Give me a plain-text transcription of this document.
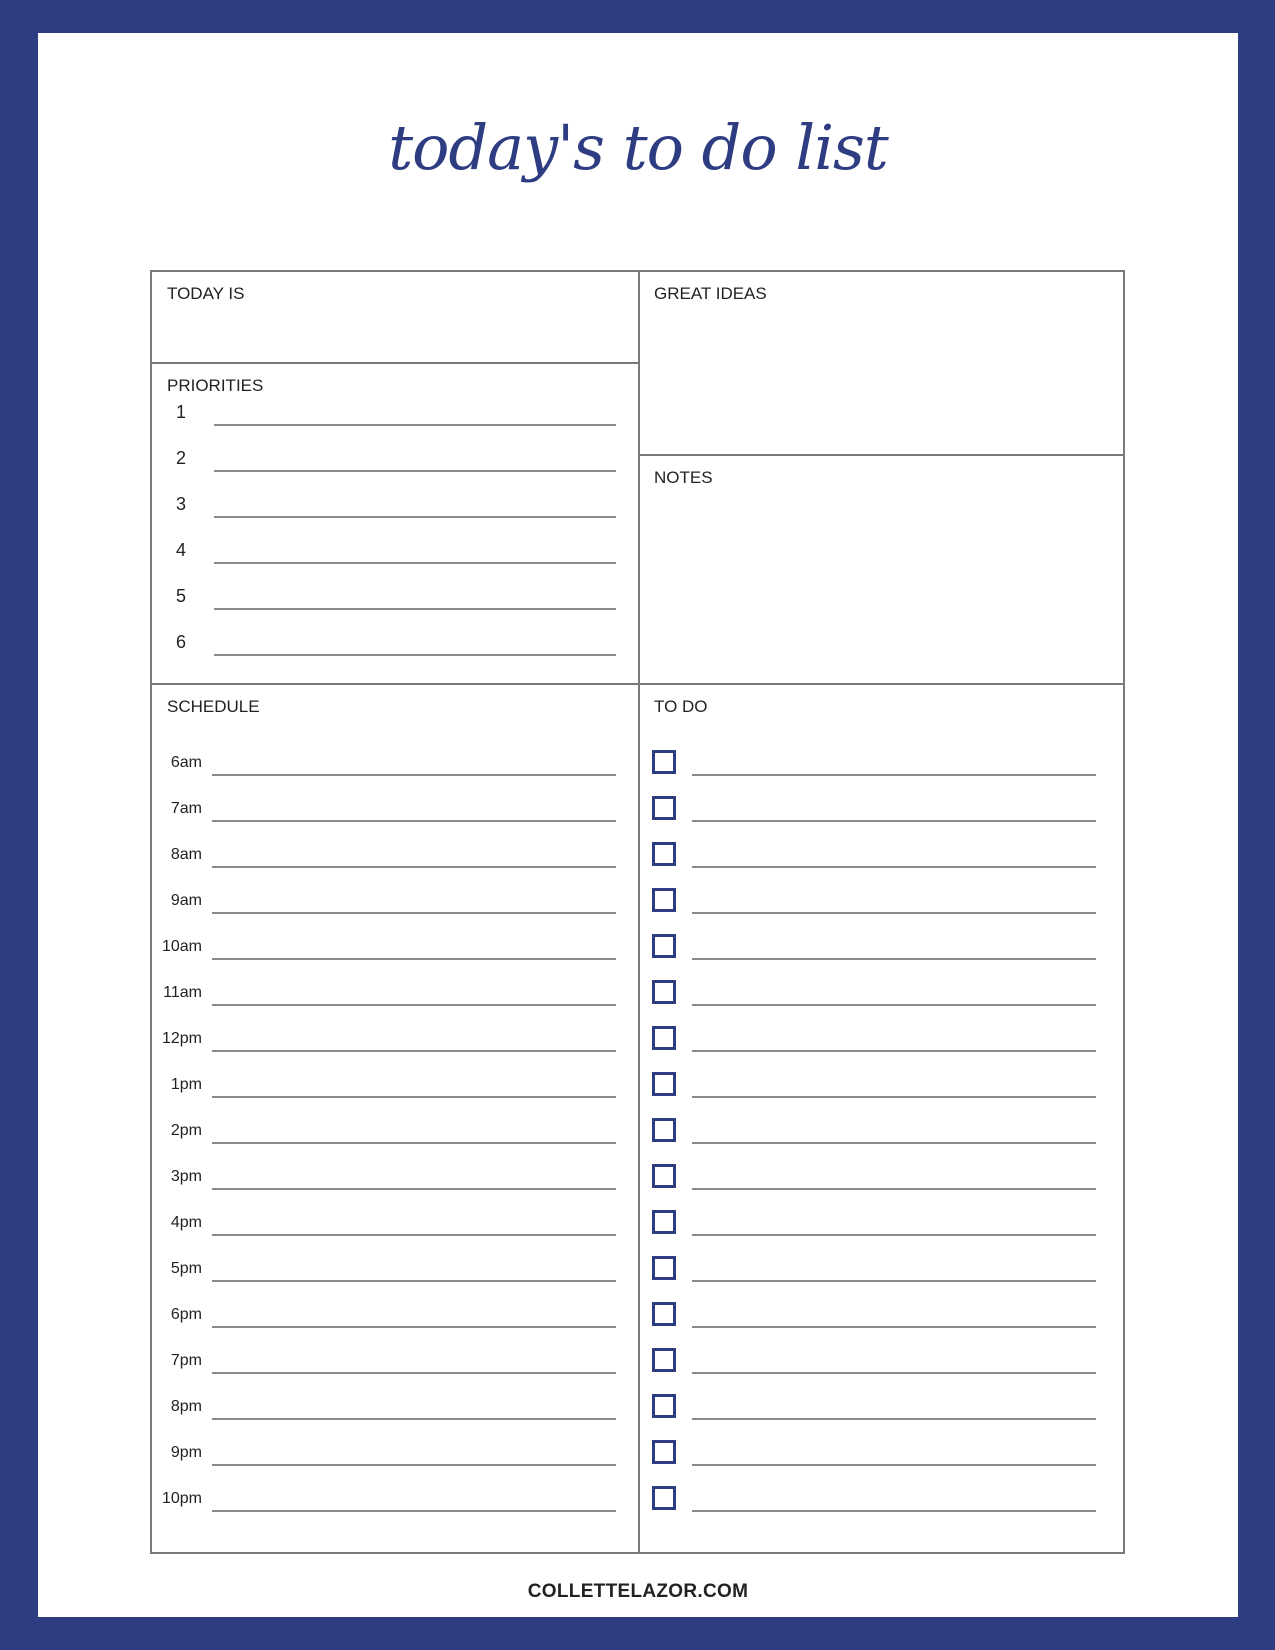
today's to do list
TODAY IS	GREAT IDEAS
PRIORITIES
NOTES
SCHEDULE	TO DO
1
2
3
4
5
6
6am
7am
8am
9am
10am
11am
12pm
1pm
2pm
3pm
4pm
5pm
6pm
7pm
8pm
9pm
10pm
COLLETTELAZOR.COM
